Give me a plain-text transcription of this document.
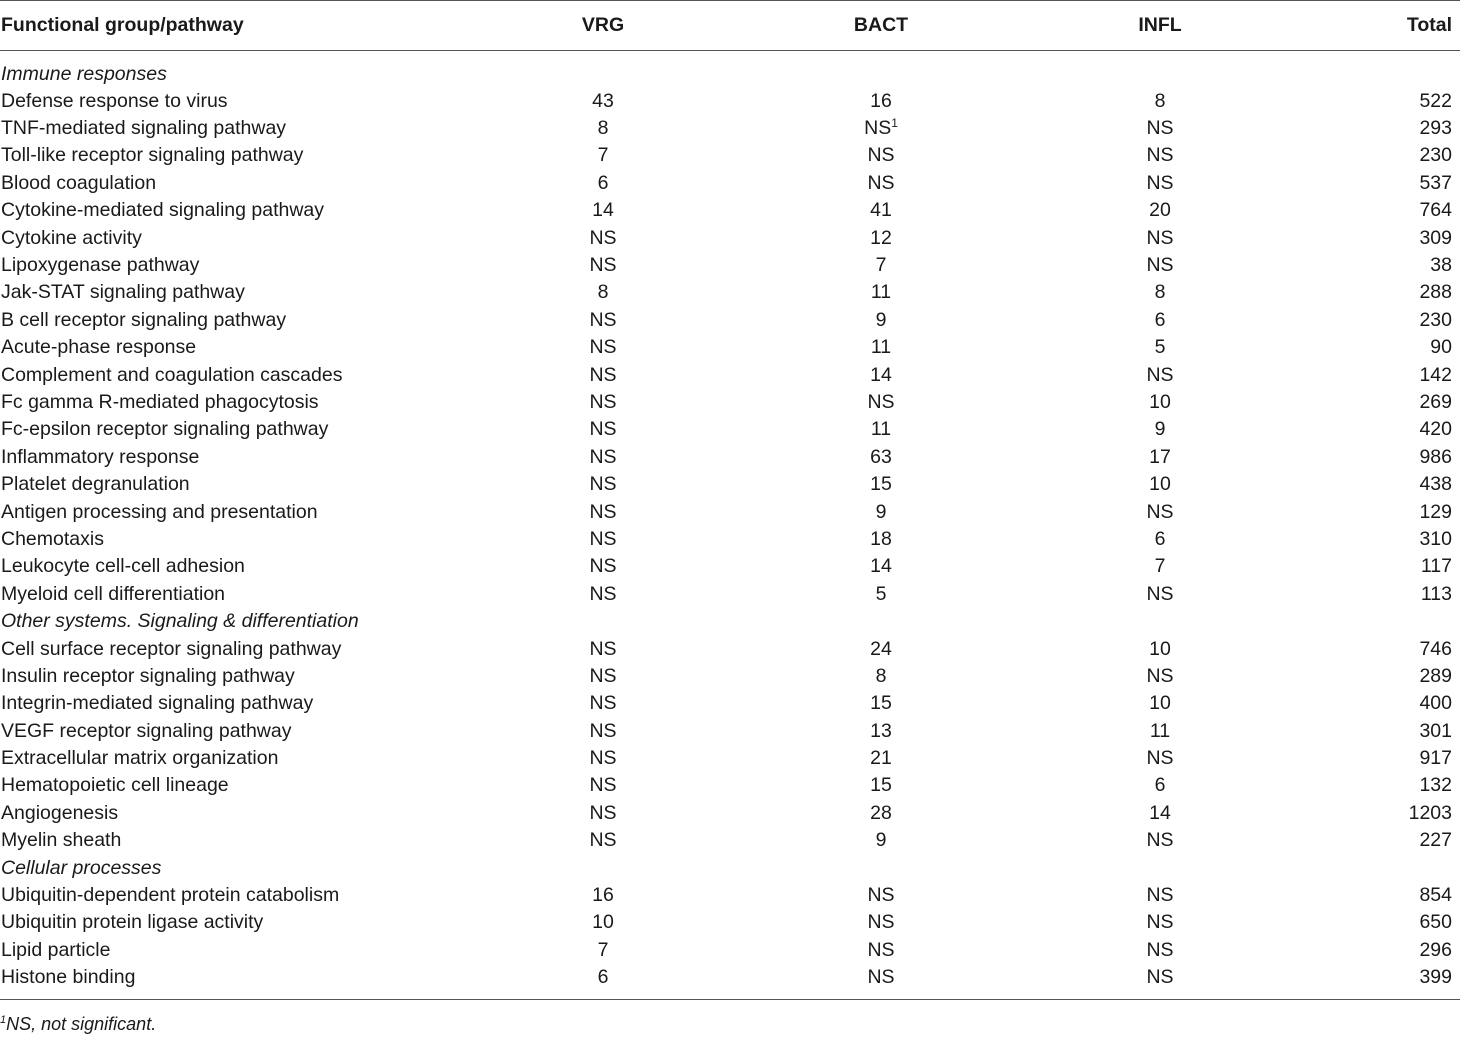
Functional group/pathway	VRG	BACT	INFL	Total
Immune responses				
Defense response to virus	43	16	8	522
TNF-mediated signaling pathway	8	$NS^1$	NS	293
Toll-like receptor signaling pathway	7	NS	NS	230
Blood coagulation	6	NS	NS	537
Cytokine-mediated signaling pathway	14	41	20	764
Cytokine activity	NS	12	NS	309
Lipoxygenase pathway	NS	7	NS	38
Jak-STAT signaling pathway	8	11	8	288
B cell receptor signaling pathway	NS	9	6	230
Acute-phase response	NS	11	5	90
Complement and coagulation cascades	NS	14	NS	142
Fc gamma R-mediated phagocytosis	NS	NS	10	269
Fc-epsilon receptor signaling pathway	NS	11	9	420
Inflammatory response	NS	63	17	986
Platelet degranulation	NS	15	10	438
Antigen processing and presentation	NS	9	NS	129
Chemotaxis	NS	18	6	310
Leukocyte cell-cell adhesion	NS	14	7	117
Myeloid cell differentiation	NS	5	NS	113
Other systems. Signaling & differentiation				
Cell surface receptor signaling pathway	NS	24	10	746
Insulin receptor signaling pathway	NS	8	NS	289
Integrin-mediated signaling pathway	NS	15	10	400
VEGF receptor signaling pathway	NS	13	11	301
Extracellular matrix organization	NS	21	NS	917
Hematopoietic cell lineage	NS	15	6	132
Angiogenesis	NS	28	14	1203
Myelin sheath	NS	9	NS	227
Cellular processes				
Ubiquitin-dependent protein catabolism	16	NS	NS	854
Ubiquitin protein ligase activity	10	NS	NS	650
Lipid particle	7	NS	NS	296
Histone binding	6	NS	NS	399
$^1$NS, not significant.
